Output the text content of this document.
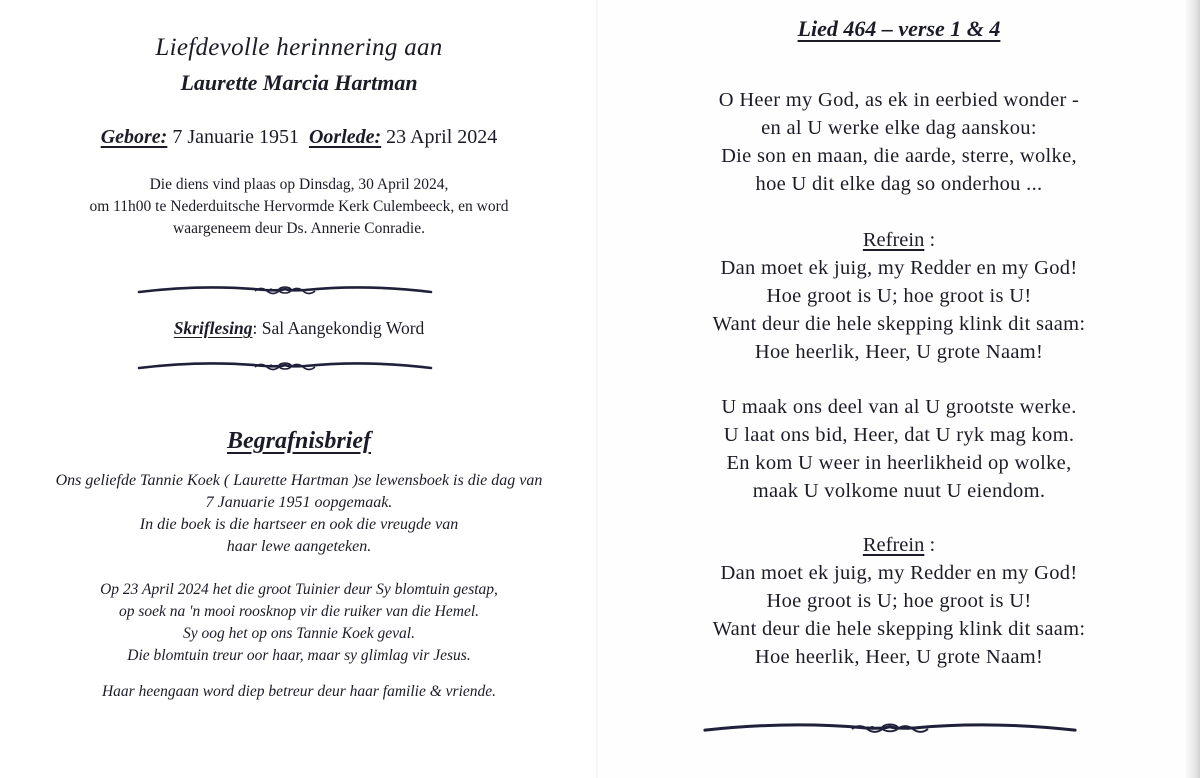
Liefdevolle herinnering aan
Laurette Marcia Hartman
Gebore: 7 Januarie 1951 Oorlede: 23 April 2024
Die diens vind plaas op Dinsdag, 30 April 2024,
om 11h00 te Nederduitsche Hervormde Kerk Culembeeck, en word
waargeneem deur Ds. Annerie Conradie.
Skriflesing: Sal Aangekondig Word
Begrafnisbrief
Ons geliefde Tannie Koek ( Laurette Hartman )se lewensboek is die dag van
7 Januarie 1951 oopgemaak.
In die boek is die hartseer en ook die vreugde van
haar lewe aangeteken.
Op 23 April 2024 het die groot Tuinier deur Sy blomtuin gestap,
op soek na 'n mooi roosknop vir die ruiker van die Hemel.
Sy oog het op ons Tannie Koek geval.
Die blomtuin treur oor haar, maar sy glimlag vir Jesus.
Haar heengaan word diep betreur deur haar familie & vriende.
Lied 464 – verse 1 & 4
O Heer my God, as ek in eerbied wonder -
en al U werke elke dag aanskou:
Die son en maan, die aarde, sterre, wolke,
hoe U dit elke dag so onderhou ...
Refrein :
Dan moet ek juig, my Redder en my God!
Hoe groot is U; hoe groot is U!
Want deur die hele skepping klink dit saam:
Hoe heerlik, Heer, U grote Naam!
U maak ons deel van al U grootste werke.
U laat ons bid, Heer, dat U ryk mag kom.
En kom U weer in heerlikheid op wolke,
maak U volkome nuut U eiendom.
Refrein :
Dan moet ek juig, my Redder en my God!
Hoe groot is U; hoe groot is U!
Want deur die hele skepping klink dit saam:
Hoe heerlik, Heer, U grote Naam!
